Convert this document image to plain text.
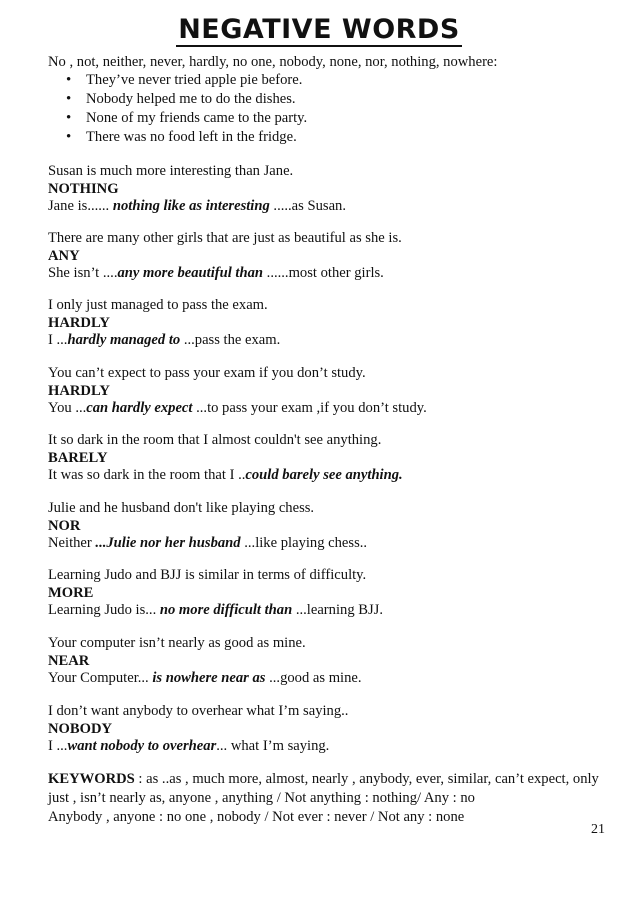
NEGATIVE WORDS
No , not, neither, never, hardly, no one, nobody, none, nor, nothing, nowhere:
• They’ve never tried apple pie before.
• Nobody helped me to do the dishes.
• None of my friends came to the party.
• There was no food left in the fridge.
Susan is much more interesting than Jane.
NOTHING
Jane is...... nothing like as interesting .....as Susan.
There are many other girls that are just as beautiful as she is.
ANY
She isn’t ....any more beautiful than ......most other girls.
I only just managed to pass the exam.
HARDLY
I ...hardly managed to ...pass the exam.
You can’t expect to pass your exam if you don’t study.
HARDLY
You ...can hardly expect ...to pass your exam ,if you don’t study.
It so dark in the room that I almost couldn't see anything.
BARELY
It was so dark in the room that I ..could barely see anything.
Julie and he husband don't like playing chess.
NOR
Neither ...Julie nor her husband ...like playing chess..
Learning Judo and BJJ is similar in terms of difficulty.
MORE
Learning Judo is... no more difficult than ...learning BJJ.
Your computer isn’t nearly as good as mine.
NEAR
Your Computer... is nowhere near as ...good as mine.
I don’t want anybody to overhear what I’m saying..
NOBODY
I ...want nobody to overhear... what I’m saying.
KEYWORDS : as ..as , much more, almost, nearly , anybody, ever, similar, can’t expect, only just , isn’t nearly as, anyone , anything / Not anything : nothing/ Any : no
Anybody , anyone : no one , nobody / Not ever : never / Not any : none
21
